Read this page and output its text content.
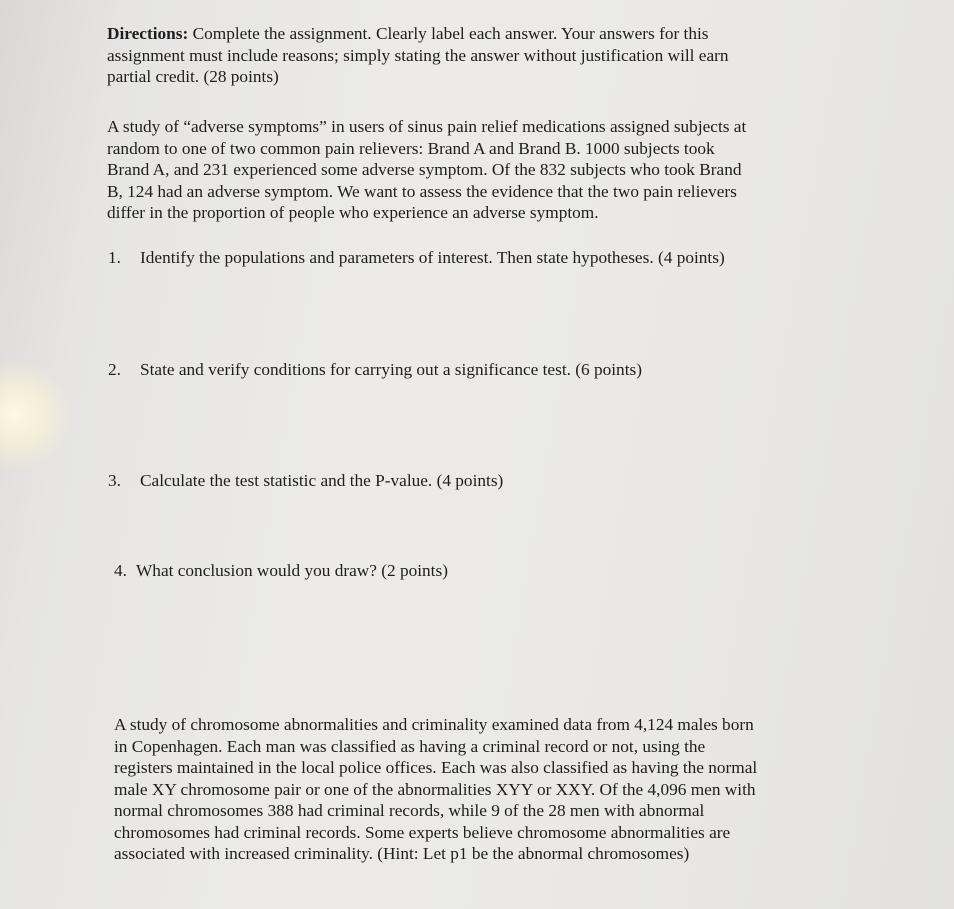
Directions: Complete the assignment. Clearly label each answer. Your answers for this
assignment must include reasons; simply stating the answer without justification will earn
partial credit. (28 points)
A study of “adverse symptoms” in users of sinus pain relief medications assigned subjects at
random to one of two common pain relievers: Brand A and Brand B. 1000 subjects took
Brand A, and 231 experienced some adverse symptom. Of the 832 subjects who took Brand
B, 124 had an adverse symptom. We want to assess the evidence that the two pain relievers
differ in the proportion of people who experience an adverse symptom.
1. Identify the populations and parameters of interest. Then state hypotheses. (4 points)
2. State and verify conditions for carrying out a significance test. (6 points)
3. Calculate the test statistic and the P-value. (4 points)
4. What conclusion would you draw? (2 points)
A study of chromosome abnormalities and criminality examined data from 4,124 males born
in Copenhagen. Each man was classified as having a criminal record or not, using the
registers maintained in the local police offices. Each was also classified as having the normal
male XY chromosome pair or one of the abnormalities XYY or XXY. Of the 4,096 men with
normal chromosomes 388 had criminal records, while 9 of the 28 men with abnormal
chromosomes had criminal records. Some experts believe chromosome abnormalities are
associated with increased criminality. (Hint: Let p1 be the abnormal chromosomes)
